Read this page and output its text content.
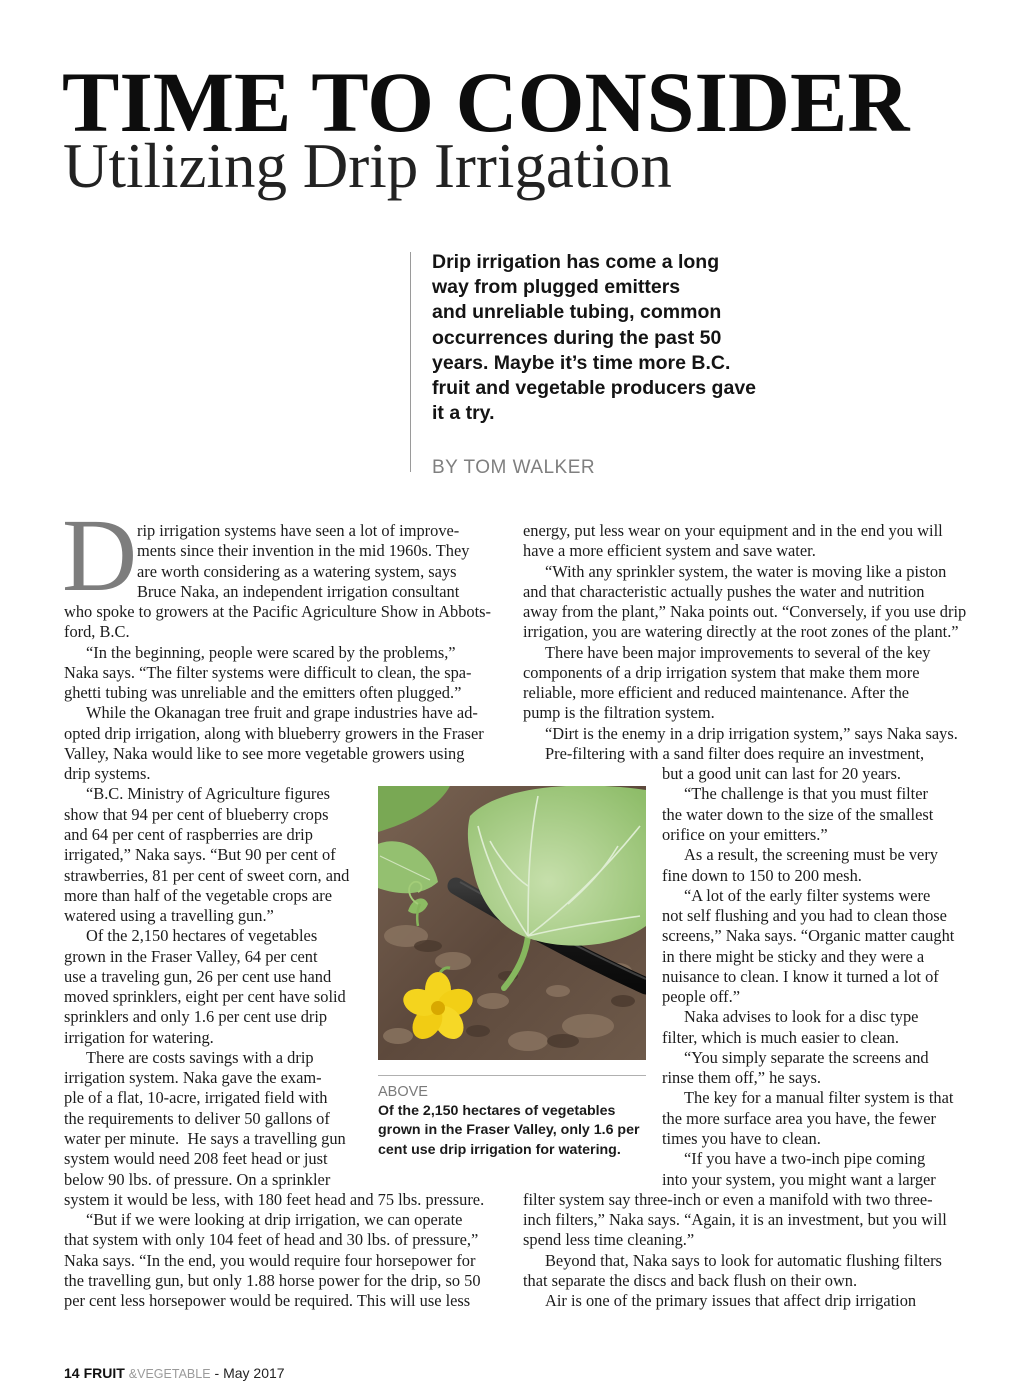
TIME TO CONSIDER
Utilizing Drip Irrigation
Drip irrigation has come a long
way from plugged emitters
and unreliable tubing, common
occurrences during the past 50
years. Maybe it’s time more B.C.
fruit and vegetable producers gave
it a try.
BY TOM WALKER
D rip irrigation systems have seen a lot of improve-
ments since their invention in the mid 1960s. They
are worth considering as a watering system, says
Bruce Naka, an independent irrigation consultant
who spoke to growers at the Pacific Agriculture Show in Abbots-
ford, B.C.
“In the beginning, people were scared by the problems,”
Naka says. “The filter systems were difficult to clean, the spa-
ghetti tubing was unreliable and the emitters often plugged.”
While the Okanagan tree fruit and grape industries have ad-
opted drip irrigation, along with blueberry growers in the Fraser
Valley, Naka would like to see more vegetable growers using
drip systems.
“B.C. Ministry of Agriculture figures
show that 94 per cent of blueberry crops
and 64 per cent of raspberries are drip
irrigated,” Naka says. “But 90 per cent of
strawberries, 81 per cent of sweet corn, and
more than half of the vegetable crops are
watered using a travelling gun.”
Of the 2,150 hectares of vegetables
grown in the Fraser Valley, 64 per cent
use a traveling gun, 26 per cent use hand
moved sprinklers, eight per cent have solid
sprinklers and only 1.6 per cent use drip
irrigation for watering.
There are costs savings with a drip
irrigation system. Naka gave the exam-
ple of a flat, 10-acre, irrigated field with
the requirements to deliver 50 gallons of
water per minute.  He says a travelling gun
system would need 208 feet head or just
below 90 lbs. of pressure. On a sprinkler
system it would be less, with 180 feet head and 75 lbs. pressure.
“But if we were looking at drip irrigation, we can operate
that system with only 104 feet of head and 30 lbs. of pressure,”
Naka says. “In the end, you would require four horsepower for
the travelling gun, but only 1.88 horse power for the drip, so 50
per cent less horsepower would be required. This will use less
energy, put less wear on your equipment and in the end you will
have a more efficient system and save water.
“With any sprinkler system, the water is moving like a piston
and that characteristic actually pushes the water and nutrition
away from the plant,” Naka points out. “Conversely, if you use drip
irrigation, you are watering directly at the root zones of the plant.”
There have been major improvements to several of the key
components of a drip irrigation system that make them more
reliable, more efficient and reduced maintenance. After the
pump is the filtration system.
“Dirt is the enemy in a drip irrigation system,” says Naka says.
Pre-filtering with a sand filter does require an investment,
but a good unit can last for 20 years.
“The challenge is that you must filter
the water down to the size of the smallest
orifice on your emitters.”
As a result, the screening must be very
fine down to 150 to 200 mesh.
“A lot of the early filter systems were
not self flushing and you had to clean those
screens,” Naka says. “Organic matter caught
in there might be sticky and they were a
nuisance to clean. I know it turned a lot of
people off.”
Naka advises to look for a disc type
filter, which is much easier to clean.
“You simply separate the screens and
rinse them off,” he says.
The key for a manual filter system is that
the more surface area you have, the fewer
times you have to clean.
“If you have a two-inch pipe coming
into your system, you might want a larger
filter system say three-inch or even a manifold with two three-
inch filters,” Naka says. “Again, it is an investment, but you will
spend less time cleaning.”
Beyond that, Naka says to look for automatic flushing filters
that separate the discs and back flush on their own.
Air is one of the primary issues that affect drip irrigation
ABOVE
Of the 2,150 hectares of vegetables
grown in the Fraser Valley, only 1.6 per
cent use drip irrigation for watering.
14 FRUIT &VEGETABLE - May 2017
